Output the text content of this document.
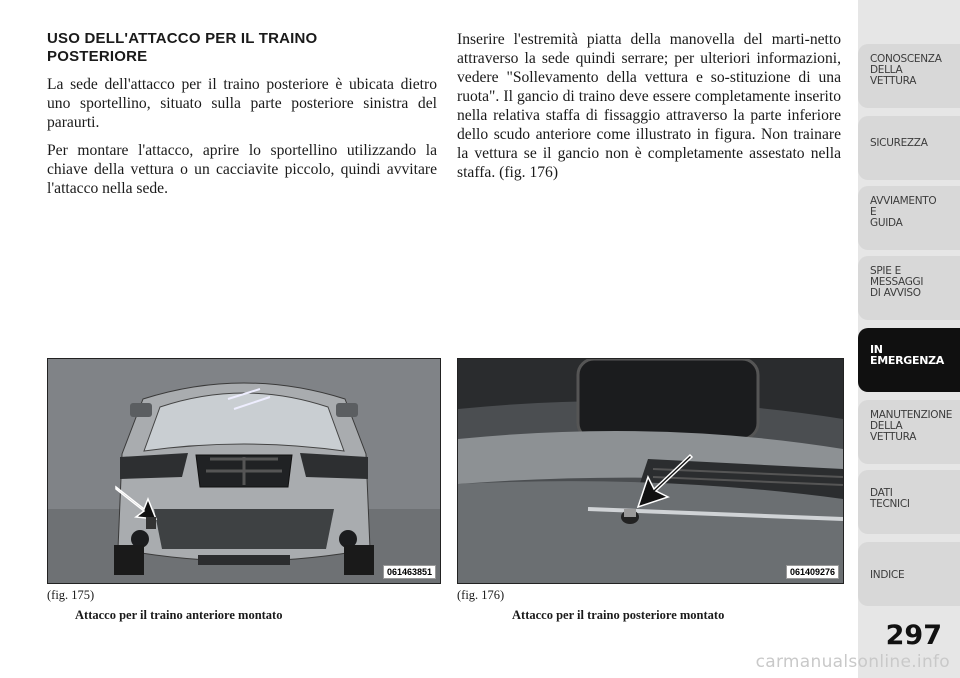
USO DELL'ATTACCO PER IL TRAINO
POSTERIORE

La sede dell'attacco per il traino posteriore è ubicata dietro uno sportellino, situato sulla parte posteriore sinistra del paraurti.

Per montare l'attacco, aprire lo sportellino utilizzando la chiave della vettura o un cacciavite piccolo, quindi avvitare l'attacco nella sede.

Inserire l'estremità piatta della manovella del marti-netto attraverso la sede quindi serrare; per ulteriori informazioni, vedere "Sollevamento della vettura e so-stituzione di una ruota". Il gancio di traino deve essere completamente inserito nella relativa staffa di fissaggio attraverso la parte inferiore dello scudo anteriore come illustrato in figura. Non trainare la vettura se il gancio non è completamente assestato nella staffa. (fig. 176)

061463851	061409276
(fig. 175)
Attacco per il traino anteriore montato
(fig. 176)
Attacco per il traino posteriore montato
CONOSCENZA
DELLA
VETTURA
SICUREZZA
AVVIAMENTO
E
GUIDA
SPIE E
MESSAGGI
DI AVVISO
IN
EMERGENZA
MANUTENZIONE
DELLA
VETTURA
DATI
TECNICI
INDICE
297
carmanualsonline.info
